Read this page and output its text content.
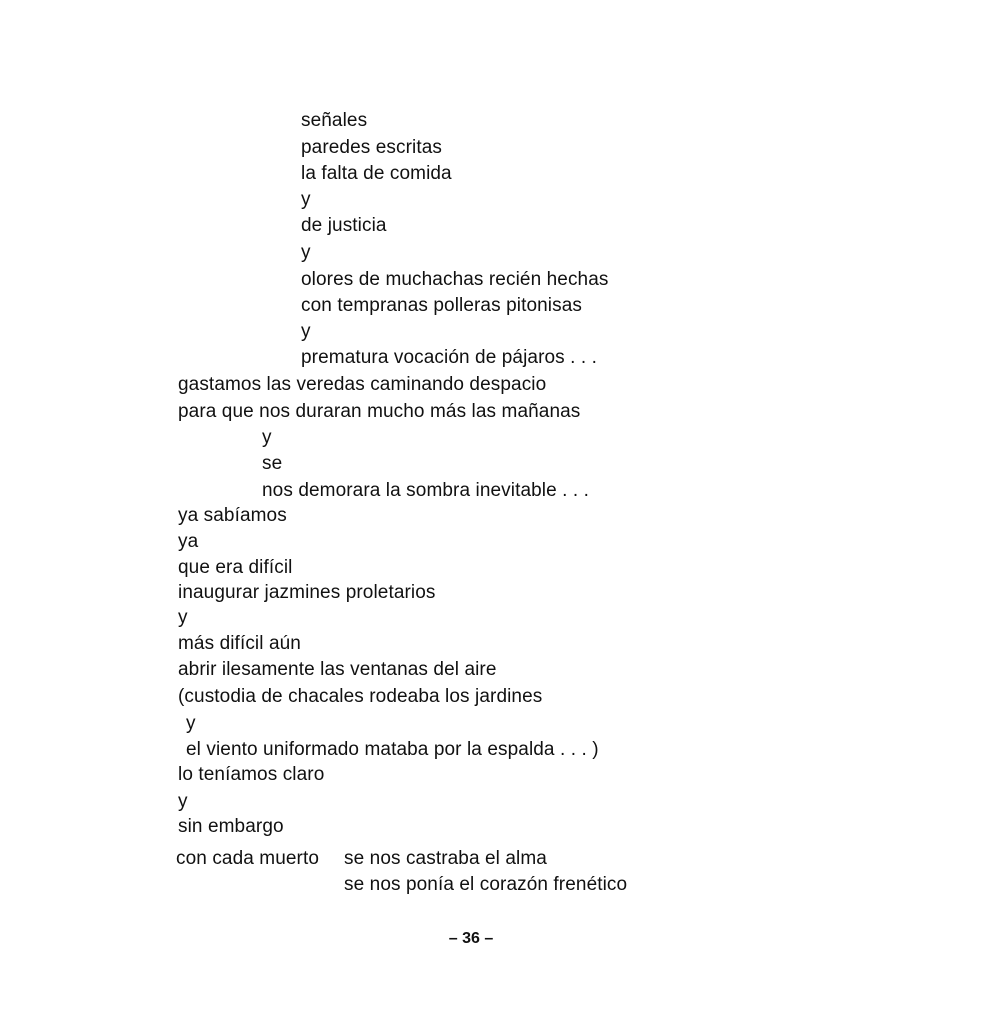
señales
paredes escritas
la falta de comida
y
de justicia
y
olores de muchachas recién hechas
con tempranas polleras pitonisas
y
prematura vocación de pájaros . . .
gastamos las veredas caminando despacio
para que nos duraran mucho más las mañanas
y
se
nos demorara la sombra inevitable . . .
ya sabíamos
ya
que era difícil
inaugurar jazmines proletarios
y
más difícil aún
abrir ilesamente las ventanas del aire
(custodia de chacales rodeaba los jardines
y
el viento uniformado mataba por la espalda . . . )
lo teníamos claro
y
sin embargo
con cada muerto se nos castraba el alma
se nos ponía el corazón frenético
– 36 –
